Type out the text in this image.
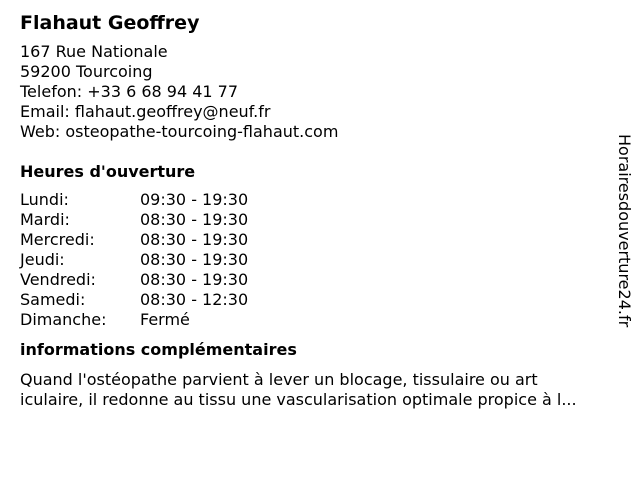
Flahaut Geoffrey
167 Rue Nationale
59200 Tourcoing
Telefon: +33 6 68 94 41 77
Email: flahaut.geoffrey@neuf.fr
Web: osteopathe-tourcoing-flahaut.com
Heures d'ouverture
Lundi:	09:30 - 19:30
Mardi:	08:30 - 19:30
Mercredi:	08:30 - 19:30
Jeudi:	08:30 - 19:30
Vendredi:	08:30 - 19:30
Samedi:	08:30 - 12:30
Dimanche:	Fermé
informations complémentaires
Quand l'ostéopathe parvient à lever un blocage, tissulaire ou art
iculaire, il redonne au tissu une vascularisation optimale propice à l...
Horairesdouverture24.fr
